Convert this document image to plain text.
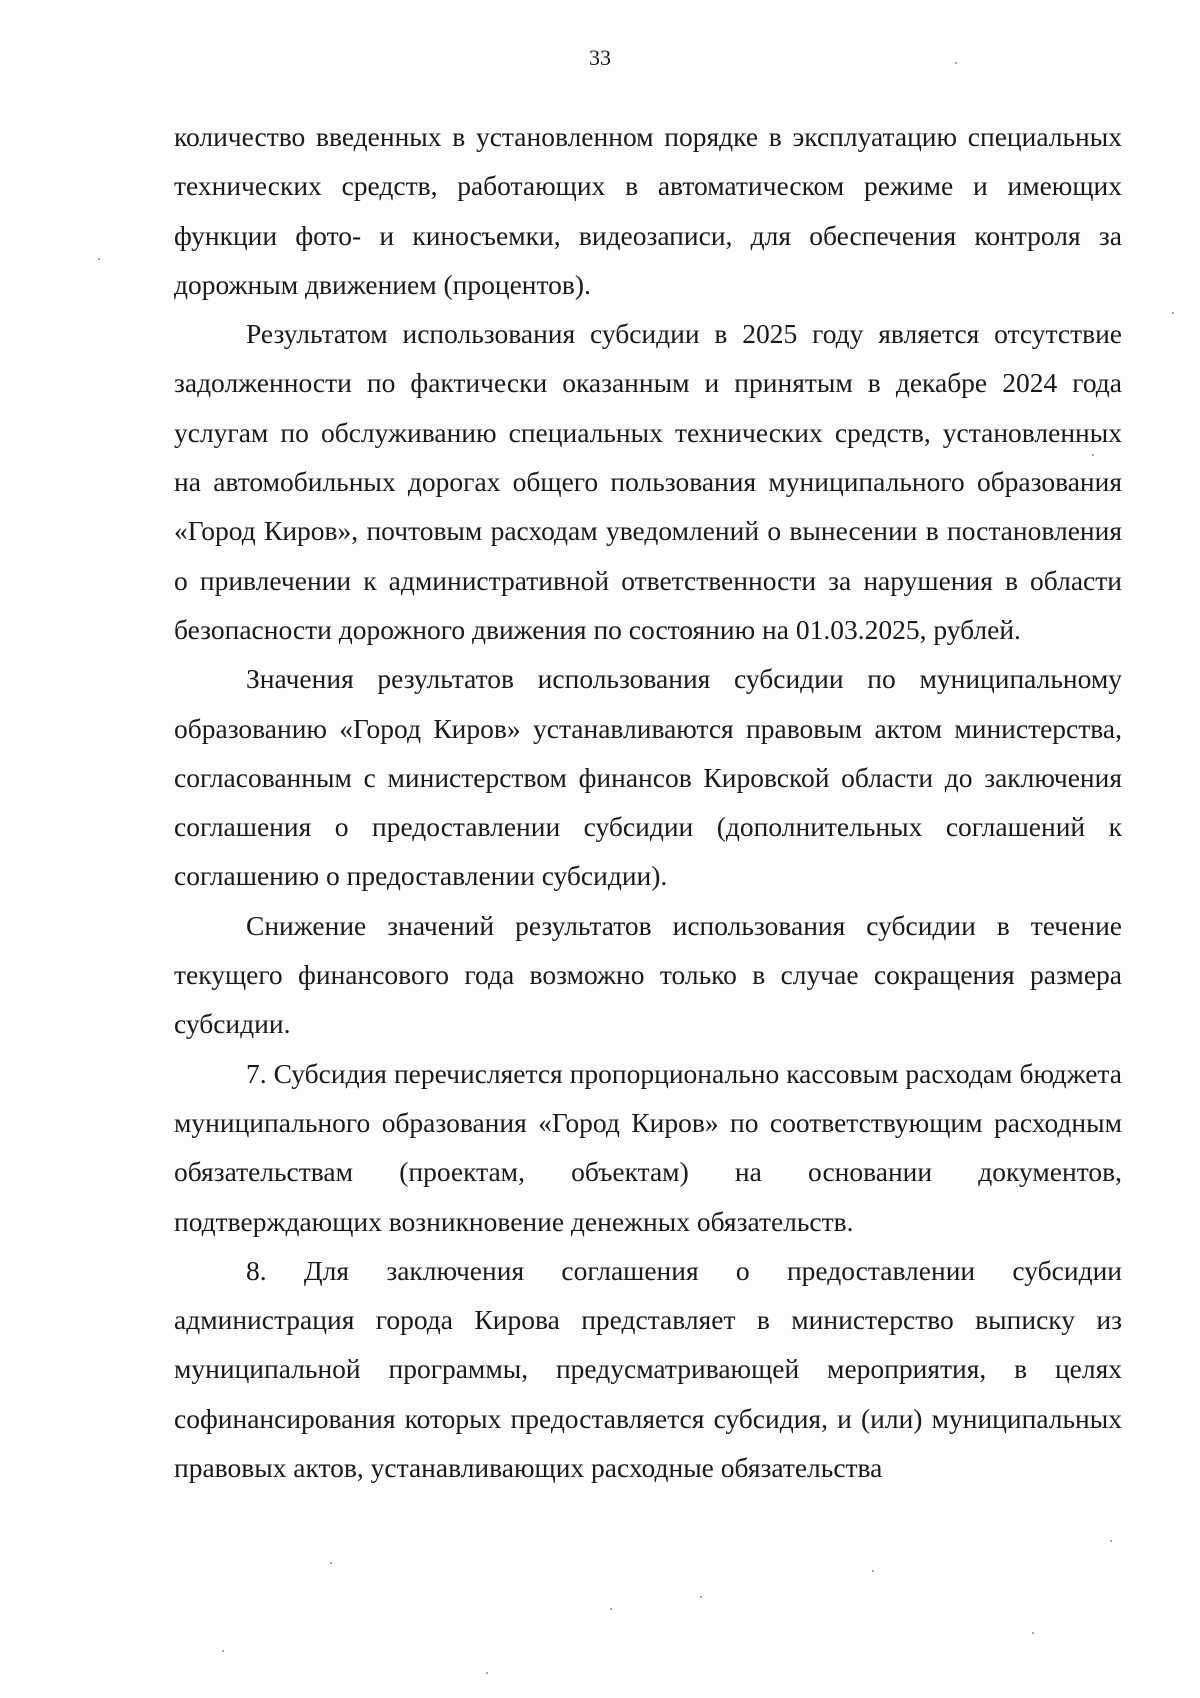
33

количество введенных в установленном порядке в эксплуатацию специальных технических средств, работающих в автоматическом режиме и имеющих функции фото- и киносъемки, видеозаписи, для обеспечения контроля за дорожным движением (процентов).

Результатом использования субсидии в 2025 году является отсутствие задолженности по фактически оказанным и принятым в декабре 2024 года услугам по обслуживанию специальных технических средств, установленных на автомобильных дорогах общего пользования муниципального образования «Город Киров», почтовым расходам уведомлений о вынесении в постановления о привлечении к административной ответственности за нарушения в области безопасности дорожного движения по состоянию на 01.03.2025, рублей.

Значения результатов использования субсидии по муниципальному образованию «Город Киров» устанавливаются правовым актом министерства, согласованным с министерством финансов Кировской области до заключения соглашения о предоставлении субсидии (дополнительных соглашений к соглашению о предоставлении субсидии).

Снижение значений результатов использования субсидии в течение текущего финансового года возможно только в случае сокращения размера субсидии.

7. Субсидия перечисляется пропорционально кассовым расходам бюджета муниципального образования «Город Киров» по соответствующим расходным обязательствам (проектам, объектам) на основании документов, подтверждающих возникновение денежных обязательств.

8. Для заключения соглашения о предоставлении субсидии администрация города Кирова представляет в министерство выписку из муниципальной программы, предусматривающей мероприятия, в целях софинансирования которых предоставляется субсидия, и (или) муниципальных правовых актов, устанавливающих расходные обязательства
